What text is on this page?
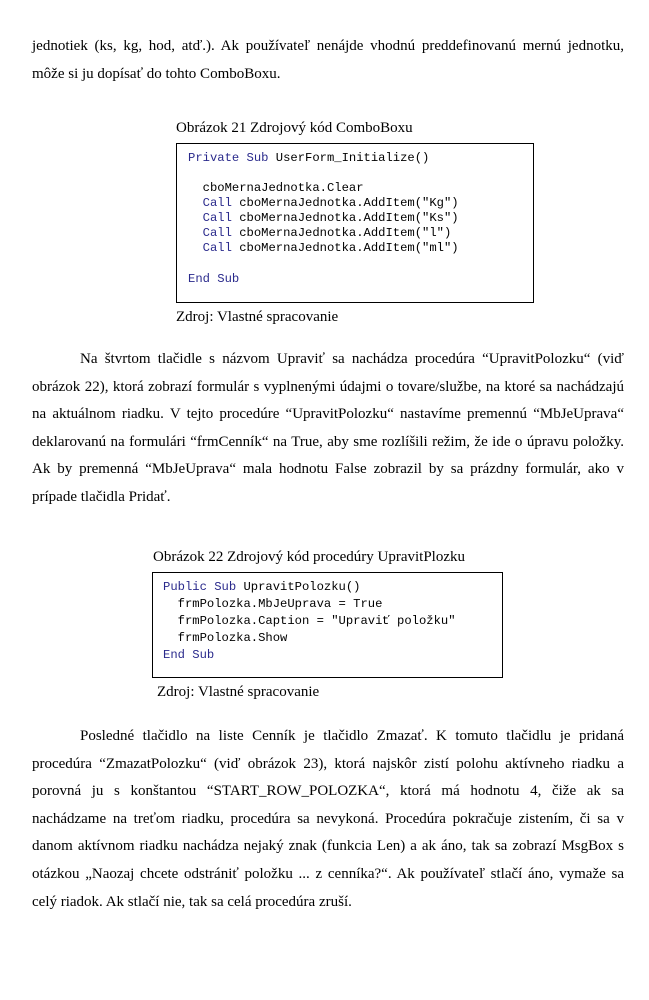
jednotiek (ks, kg, hod, atď.). Ak používateľ nenájde vhodnú preddefinovanú mernú jednotku, môže si ju dopísať do tohto ComboBoxu.

Obrázok 21 Zdrojový kód ComboBoxu
Private Sub UserForm_Initialize()
cboMernaJednotka.Clear
Call cboMernaJednotka.AddItem("Kg")
Call cboMernaJednotka.AddItem("Ks")
Call cboMernaJednotka.AddItem("l")
Call cboMernaJednotka.AddItem("ml")
End Sub
Zdroj: Vlastné spracovanie

Na štvrtom tlačidle s názvom Upraviť sa nachádza procedúra “UpravitPolozku“ (viď obrázok 22), ktorá zobrazí formulár s vyplnenými údajmi o tovare/službe, na ktoré sa nachádzajú na aktuálnom riadku. V tejto procedúre “UpravitPolozku“ nastavíme premennú “MbJeUprava“ deklarovanú na formulári “frmCenník“ na True, aby sme rozlíšili režim, že ide o úpravu položky. Ak by premenná “MbJeUprava“ mala hodnotu False zobrazil by sa prázdny formulár, ako v prípade tlačidla Pridať.

Obrázok 22 Zdrojový kód procedúry UpravitPlozku
Public Sub UpravitPolozku()
frmPolozka.MbJeUprava = True
frmPolozka.Caption = "Upraviť položku"
frmPolozka.Show
End Sub
Zdroj: Vlastné spracovanie

Posledné tlačidlo na liste Cenník je tlačidlo Zmazať. K tomuto tlačidlu je pridaná procedúra “ZmazatPolozku“ (viď obrázok 23), ktorá najskôr zistí polohu aktívneho riadku a porovná ju s konštantou “START_ROW_POLOZKA“, ktorá má hodnotu 4, čiže ak sa nachádzame na treťom riadku, procedúra sa nevykoná. Procedúra pokračuje zistením, či sa v danom aktívnom riadku nachádza nejaký znak (funkcia Len) a ak áno, tak sa zobrazí MsgBox s otázkou „Naozaj chcete odstrániť položku ... z cenníka?“. Ak používateľ stlačí áno, vymaže sa celý riadok. Ak stlačí nie, tak sa celá procedúra zruší.
